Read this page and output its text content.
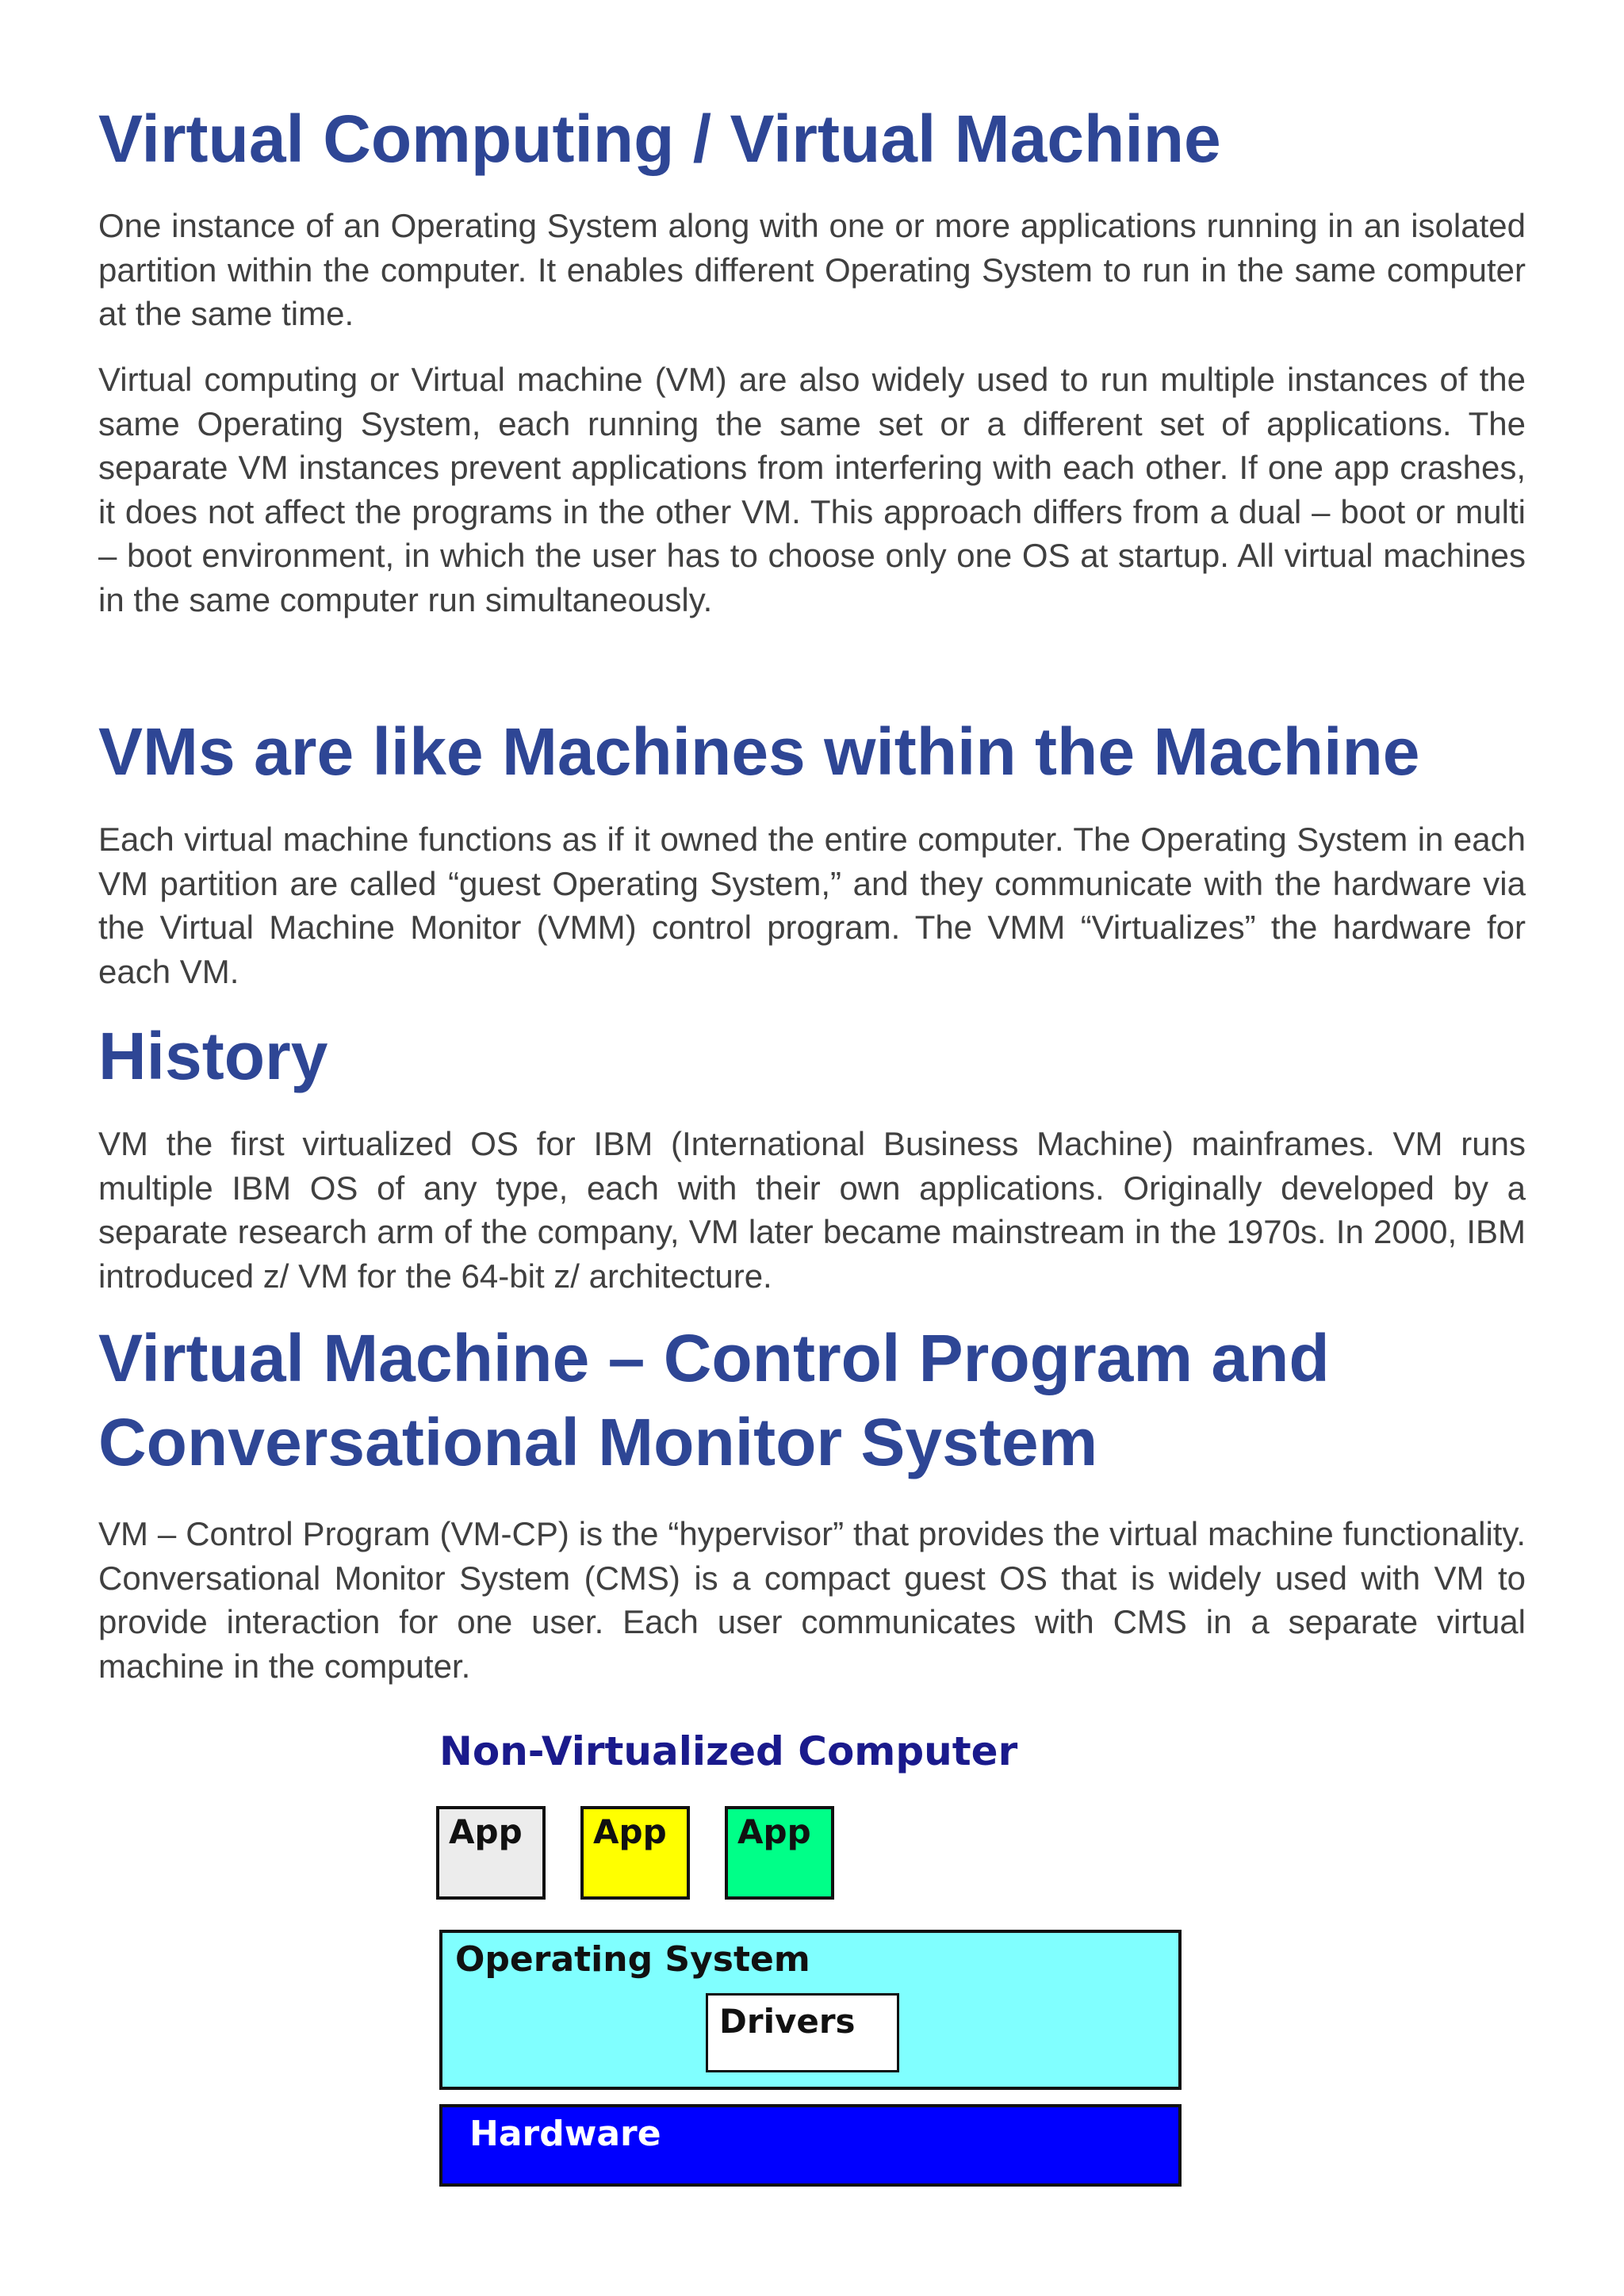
Virtual Computing / Virtual Machine

One instance of an Operating System along with one or more applications running in an isolated partition within the computer. It enables different Operating System to run in the same computer at the same time.

Virtual computing or Virtual machine (VM) are also widely used to run multiple instances of the same Operating System, each running the same set or a different set of applications. The separate VM instances prevent applications from interfering with each other. If one app crashes, it does not affect the programs in the other VM. This approach differs from a dual – boot or multi – boot environment, in which the user has to choose only one OS at startup. All virtual machines in the same computer run simultaneously.

VMs are like Machines within the Machine

Each virtual machine functions as if it owned the entire computer. The Operating System in each VM partition are called “guest Operating System,” and they communicate with the hardware via the Virtual Machine Monitor (VMM) control program. The VMM “Virtualizes” the hardware for each VM.

History

VM the first virtualized OS for IBM (International Business Machine) mainframes. VM runs multiple IBM OS of any type, each with their own applications. Originally developed by a separate research arm of the company, VM later became mainstream in the 1970s. In 2000, IBM introduced z/ VM for the 64-bit z/ architecture.

Virtual Machine – Control Program and Conversational Monitor System

VM – Control Program (VM-CP) is the “hypervisor” that provides the virtual machine functionality. Conversational Monitor System (CMS) is a compact guest OS that is widely used with VM to provide interaction for one user. Each user communicates with CMS in a separate virtual machine in the computer.

Non-Virtualized Computer
App	App	App
Operating System
Drivers
Hardware
